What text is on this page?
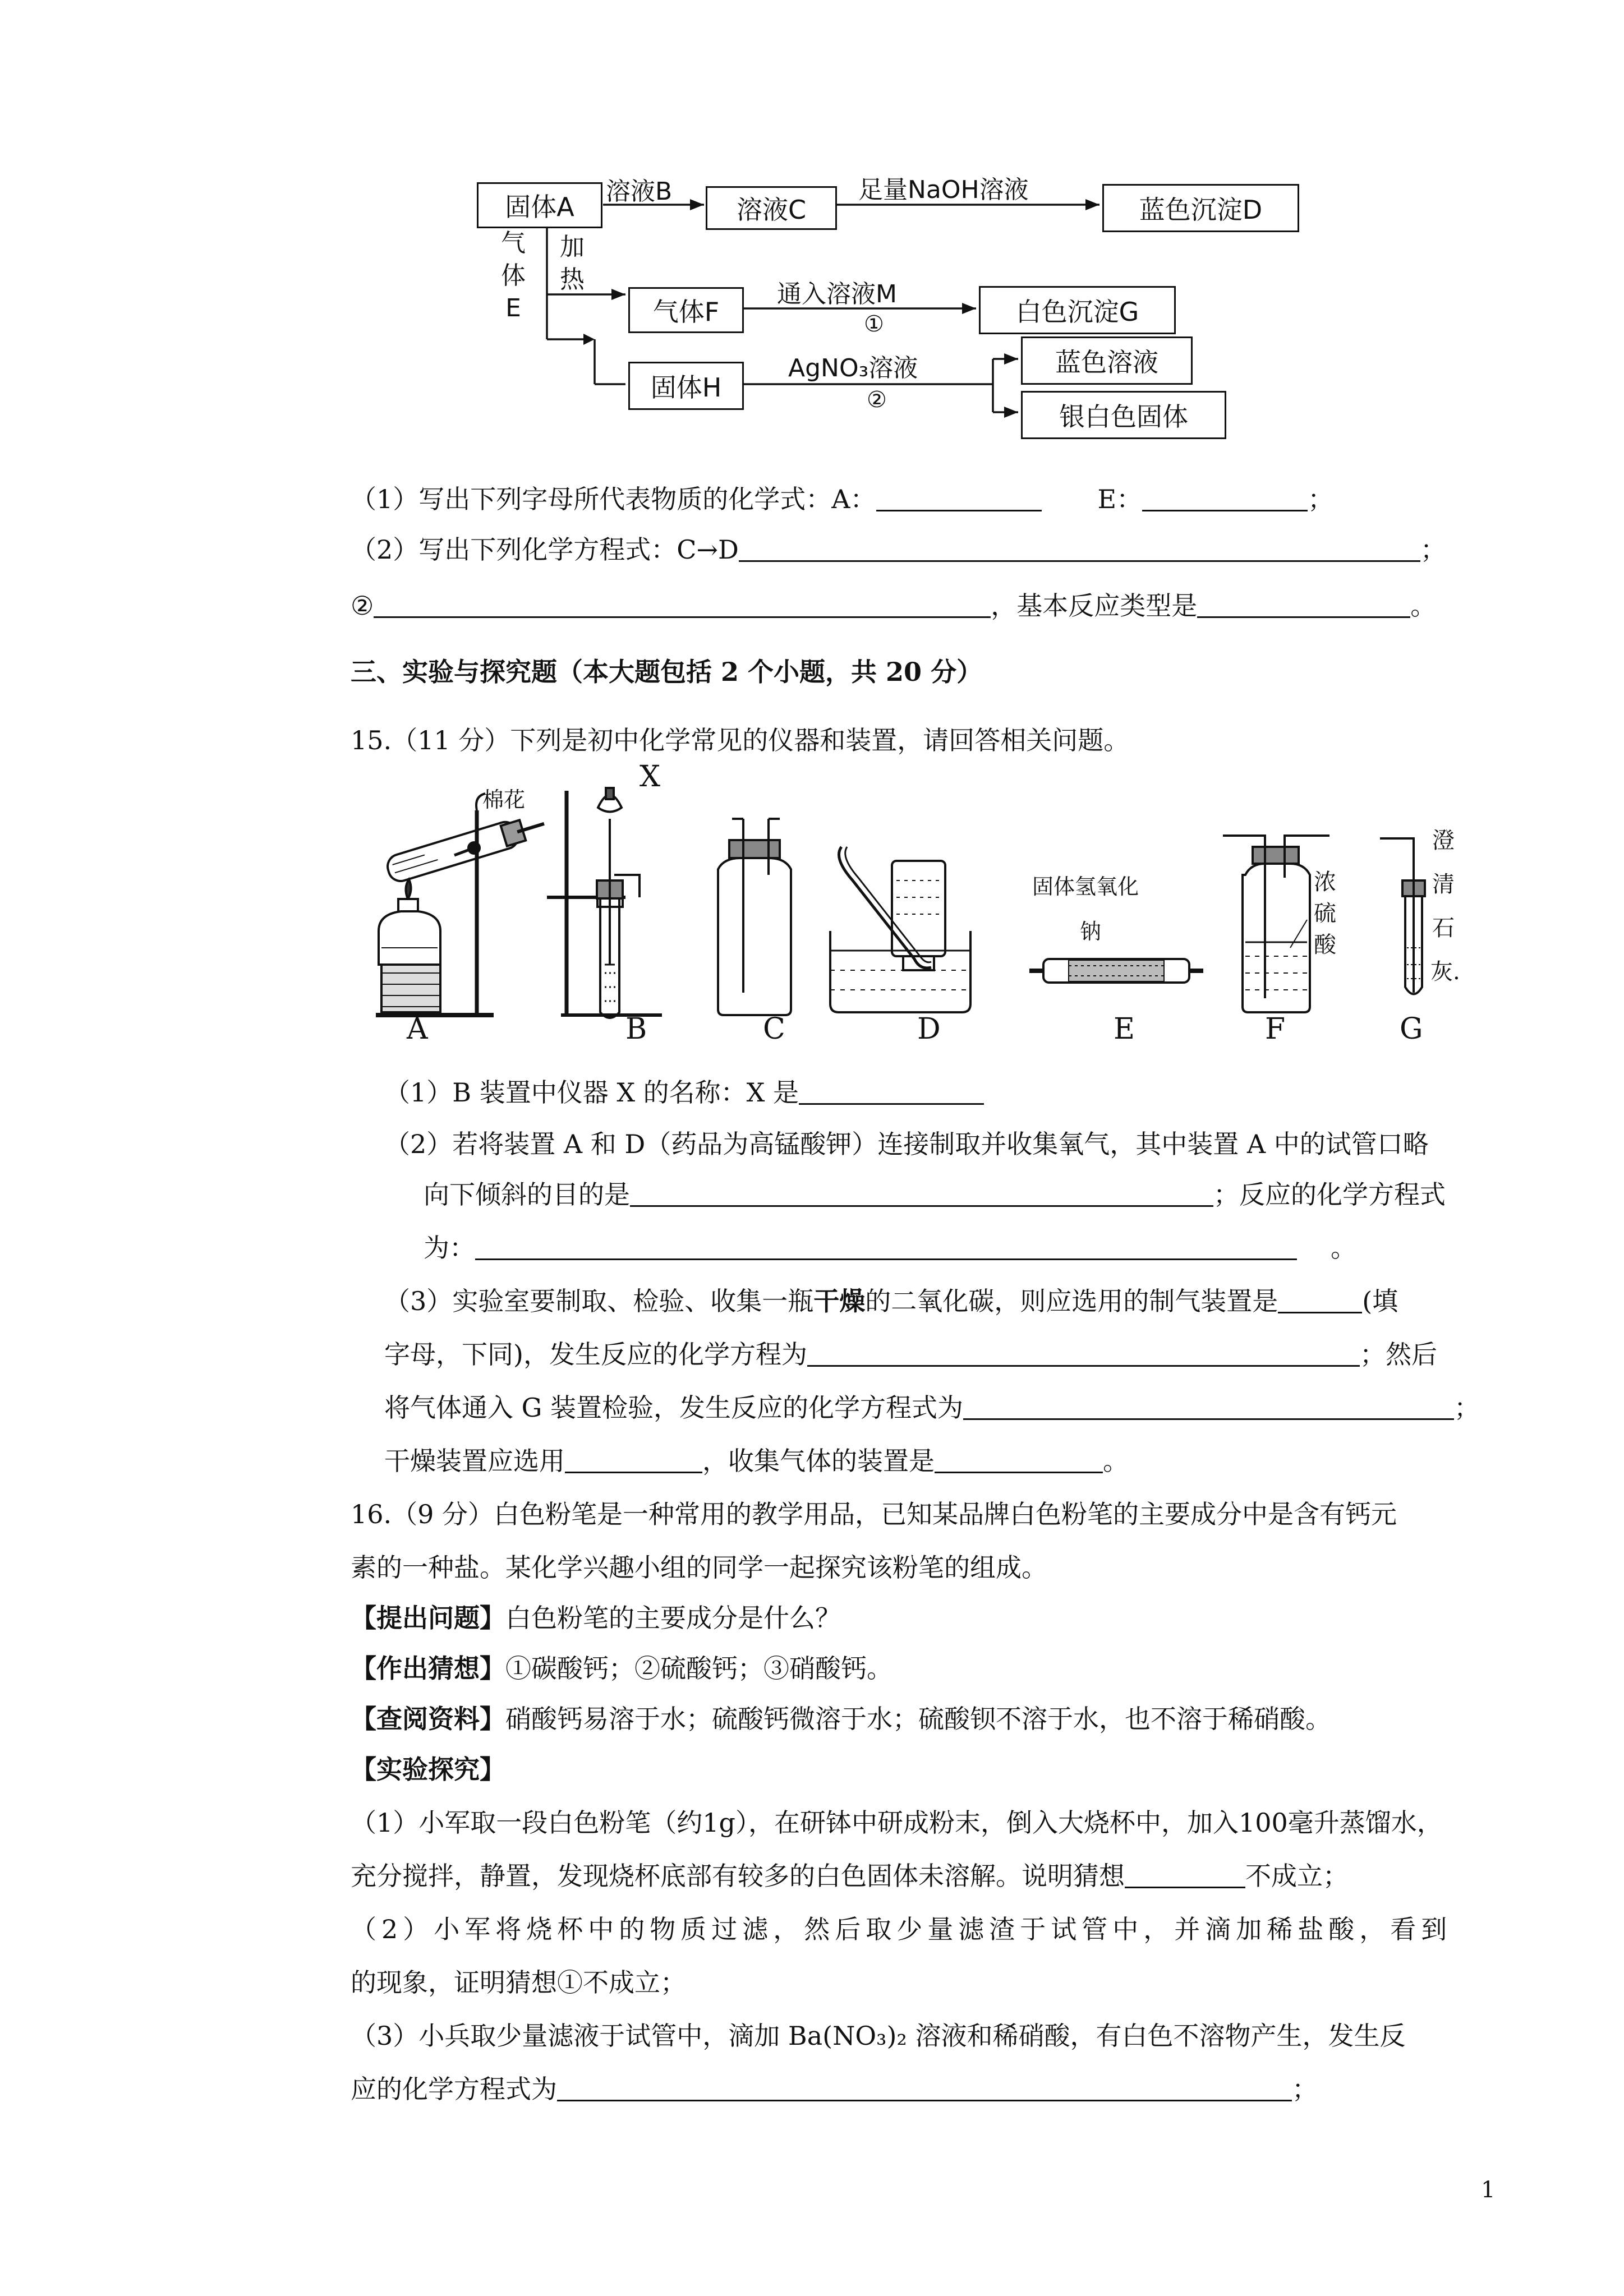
固体A
溶液B
溶液C
足量NaOH溶液
蓝色沉淀D
气体E
加热
气体F
通入溶液M
①	白色沉淀G
固体H
AgNO₃溶液
②
蓝色溶液
银白色固体
（1）写出下列字母所代表物质的化学式：A：	E：	；
（2）写出下列化学方程式：C→D	；
②	，基本反应类型是	。
三、实验与探究题（本大题包括 2 个小题，共 20 分）
15.（11 分）下列是初中化学常见的仪器和装置，请回答相关问题。
棉花
X
固体氢氧化
钠
浓硫酸
澄清石灰.
A	B	C	D	E	F	G
（1）B 装置中仪器 X 的名称：X 是
（2）若将装置 A 和 D（药品为高锰酸钾）连接制取并收集氧气，其中装置 A 中的试管口略
向下倾斜的目的是	；反应的化学方程式
为：	。
（3）实验室要制取、检验、收集一瓶干燥的二氧化碳，则应选用的制气装置是	(填
字母，下同)，发生反应的化学方程为	；然后
将气体通入 G 装置检验，发生反应的化学方程式为	；
干燥装置应选用	，收集气体的装置是	。
16.（9 分）白色粉笔是一种常用的教学用品，已知某品牌白色粉笔的主要成分中是含有钙元
素的一种盐。某化学兴趣小组的同学一起探究该粉笔的组成。
【提出问题】白色粉笔的主要成分是什么？
【作出猜想】①碳酸钙；②硫酸钙；③硝酸钙。
【查阅资料】硝酸钙易溶于水；硫酸钙微溶于水；硫酸钡不溶于水，也不溶于稀硝酸。
【实验探究】
（1）小军取一段白色粉笔（约1g），在研钵中研成粉末，倒入大烧杯中，加入100毫升蒸馏水，
充分搅拌，静置，发现烧杯底部有较多的白色固体未溶解。说明猜想	不成立；
（2）小军将烧杯中的物质过滤，然后取少量滤渣于试管中，并滴加稀盐酸，看到
的现象，证明猜想①不成立；
（3）小兵取少量滤液于试管中，滴加 Ba(NO₃)₂ 溶液和稀硝酸，有白色不溶物产生，发生反
应的化学方程式为	；
1
